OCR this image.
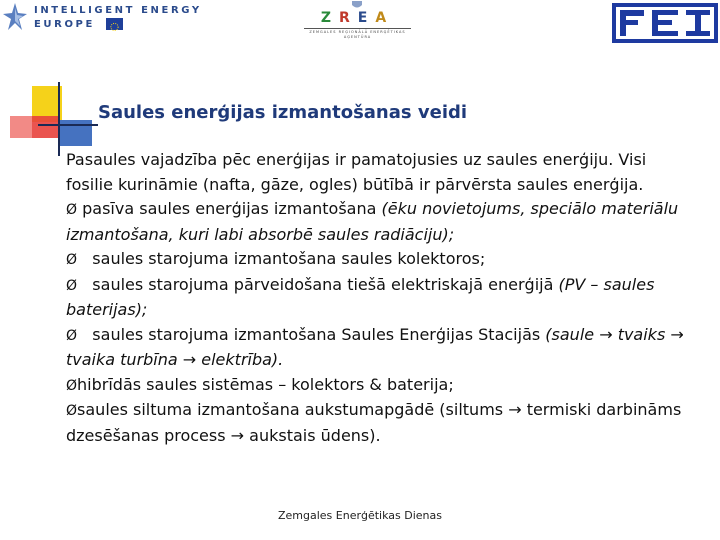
INTELLIGENT ENERGY
EUROPE	ZREA
ZEMGALES REĢIONĀLĀ ENERĢĒTIKAS AĢENTŪRA
Saules enerģijas izmantošanas veidi

Pasaules vajadzība pēc enerģijas ir pamatojusies uz saules enerģiju. Visi fosilie kurināmie (nafta, gāze, ogles) būtībā ir pārvērsta saules enerģija.

Ø pasīva saules enerģijas izmantošana (ēku novietojums, speciālo materiālu izmantošana, kuri labi absorbē saules radiāciju);

Ø saules starojuma izmantošana saules kolektoros;

Ø saules starojuma pārveidošana tiešā elektriskajā enerģijā (PV – saules baterijas);

Ø saules starojuma izmantošana Saules Enerģijas Stacijās (saule → tvaiks → tvaika turbīna → elektrība).

Øhibrīdās saules sistēmas – kolektors & baterija;

Øsaules siltuma izmantošana aukstumapgādē (siltums → termiski darbināms dzesēšanas process → aukstais ūdens).

Zemgales Enerģētikas Dienas
